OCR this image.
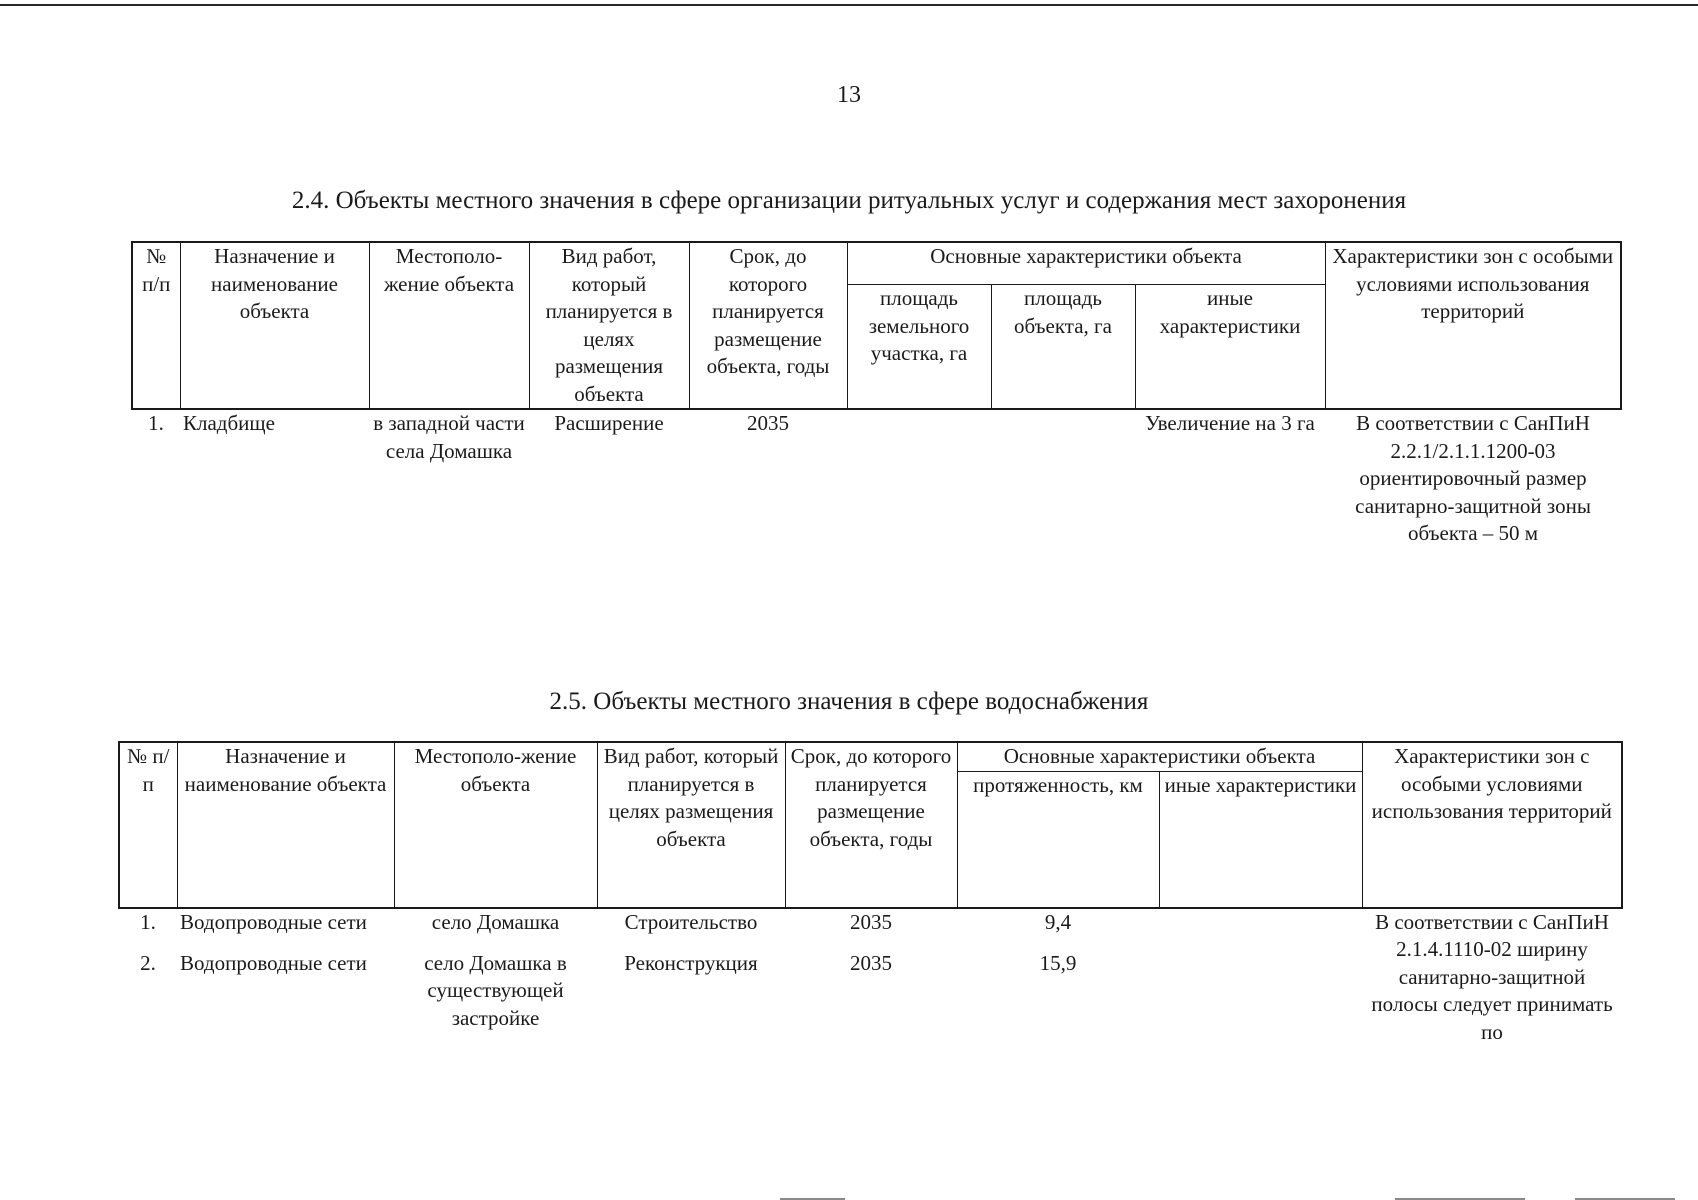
13
2.4. Объекты местного значения в сфере организации ритуальных услуг и содержания мест захоронения
№ п/п	Назначение и наименование объекта	Местополо-жение объекта	Вид работ, который планируется в целях размещения объекта	Срок, до которого планируется размещение объекта, годы	Основные характеристики объекта			Характеристики зон с особыми условиями использования территорий
					площадь земельного участка, га	площадь объекта, га	иные характеристики	
1.	Кладбище	в западной части села Домашка	Расширение	2035			Увеличение на 3 га	В соответствии с СанПиН 2.2.1/2.1.1.1200-03 ориентировочный размер санитарно-защитной зоны объекта – 50 м
2.5. Объекты местного значения в сфере водоснабжения
№ п/п	Назначение и наименование объекта	Местополо-жение объекта	Вид работ, который планируется в целях размещения объекта	Срок, до которого планируется размещение объекта, годы	Основные характеристики объекта		Характеристики зон с особыми условиями использования территорий
					протяженность, км	иные характеристики	
1.	Водопроводные сети	село Домашка	Строительство	2035	9,4		В соответствии с СанПиН 2.1.4.1110-02 ширину санитарно-защитной полосы следует принимать по
2.	Водопроводные сети	село Домашка в существующей застройке	Реконструкция	2035	15,9		
